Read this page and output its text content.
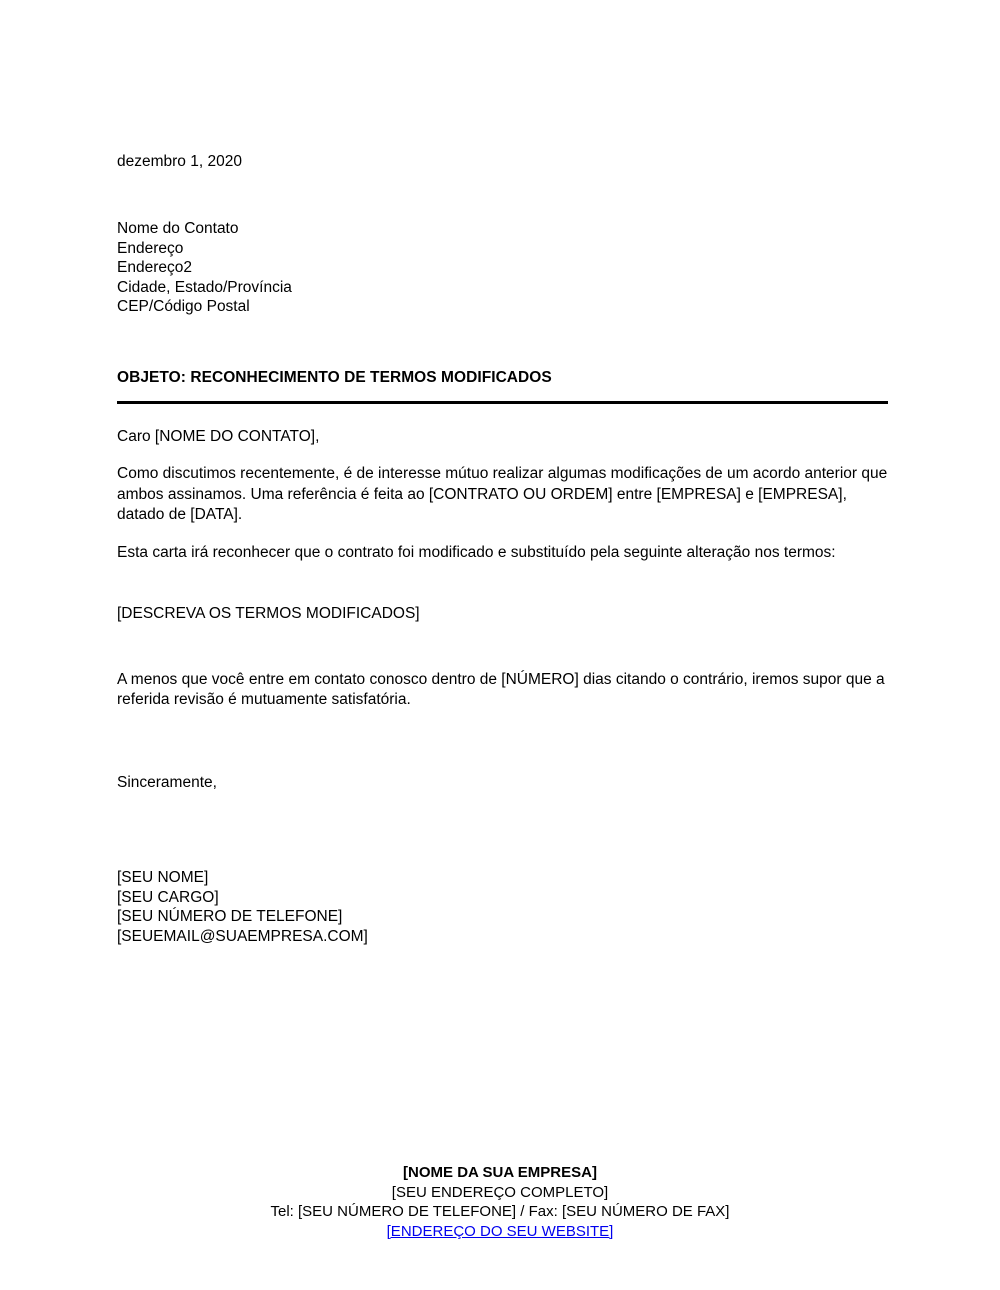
dezembro 1, 2020
Nome do Contato
Endereço
Endereço2
Cidade, Estado/Província
CEP/Código Postal
OBJETO: RECONHECIMENTO DE TERMOS MODIFICADOS

Caro [NOME DO CONTATO],

Como discutimos recentemente, é de interesse mútuo realizar algumas modificações de um acordo anterior que ambos assinamos. Uma referência é feita ao [CONTRATO OU ORDEM] entre [EMPRESA] e [EMPRESA], datado de [DATA].

Esta carta irá reconhecer que o contrato foi modificado e substituído pela seguinte alteração nos termos:

[DESCREVA OS TERMOS MODIFICADOS]

A menos que você entre em contato conosco dentro de [NÚMERO] dias citando o contrário, iremos supor que a referida revisão é mutuamente satisfatória.

Sinceramente,
[SEU NOME]
[SEU CARGO]
[SEU NÚMERO DE TELEFONE]
[SEUEMAIL@SUAEMPRESA.COM]
[NOME DA SUA EMPRESA]
[SEU ENDEREÇO COMPLETO]
Tel: [SEU NÚMERO DE TELEFONE] / Fax: [SEU NÚMERO DE FAX]
[ENDEREÇO DO SEU WEBSITE]
